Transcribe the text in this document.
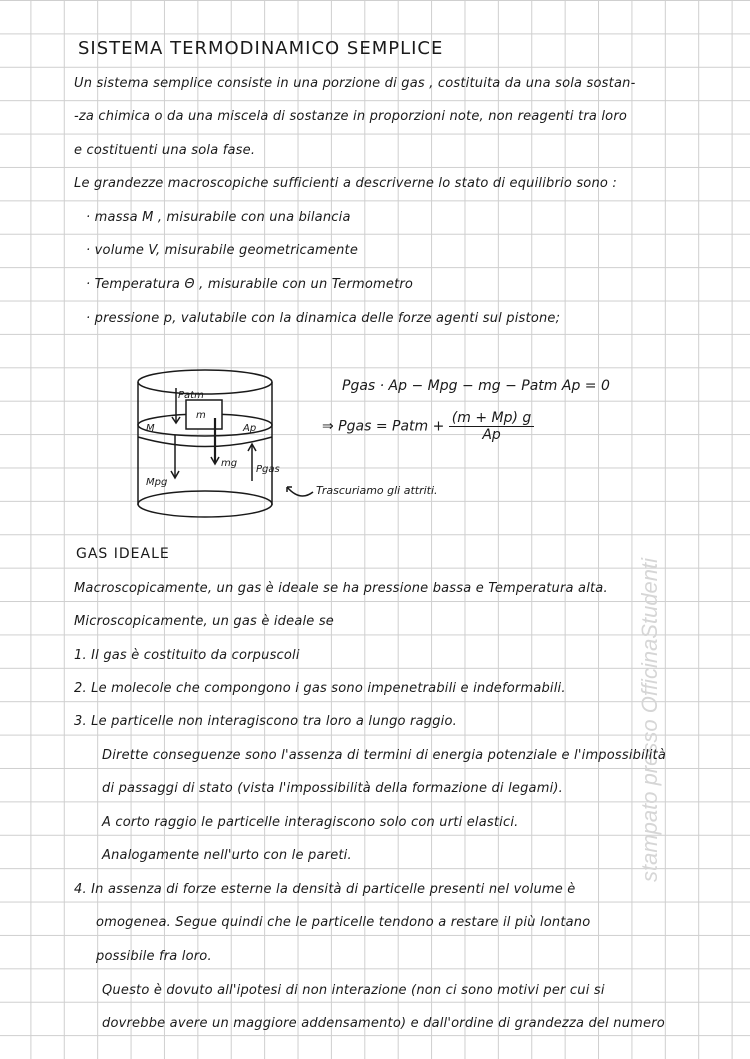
stampato presso OfficinaStudenti
SISTEMA TERMODINAMICO SEMPLICE
Un sistema semplice consiste in una porzione di gas , costituita da una sola sostan-
-za chimica o da una miscela di sostanze in proporzioni note, non reagenti tra loro
e costituenti una sola fase.
Le grandezze macroscopiche sufficienti a descriverne lo stato di equilibrio sono :
· massa M , misurabile con una bilancia
· volume V, misurabile geometricamente
· Temperatura Θ , misurabile con un Termometro
· pressione p, valutabile con la dinamica delle forze agenti sul pistone;
Patm
m
M	Ap
mg
Mpg
Pgas
Trascuriamo gli attriti.
Pgas · Ap − Mpg − mg − Patm Ap = 0
⇒ Pgas = Patm + $\frac{(m + Mp) g}{Ap}$
GAS IDEALE
Macroscopicamente, un gas è ideale se ha pressione bassa e Temperatura alta.
Microscopicamente, un gas è ideale se
1. Il gas è costituito da corpuscoli
2. Le molecole che compongono i gas sono impenetrabili e indeformabili.
3. Le particelle non interagiscono tra loro a lungo raggio.
Dirette conseguenze sono l'assenza di termini di energia potenziale e l'impossibilità
di passaggi di stato (vista l'impossibilità della formazione di legami).
A corto raggio le particelle interagiscono solo con urti elastici.
Analogamente nell'urto con le pareti.
4. In assenza di forze esterne la densità di particelle presenti nel volume è
omogenea. Segue quindi che le particelle tendono a restare il più lontano
possibile fra loro.
Questo è dovuto all'ipotesi di non interazione (non ci sono motivi per cui si
dovrebbe avere un maggiore addensamento) e dall'ordine di grandezza del numero
